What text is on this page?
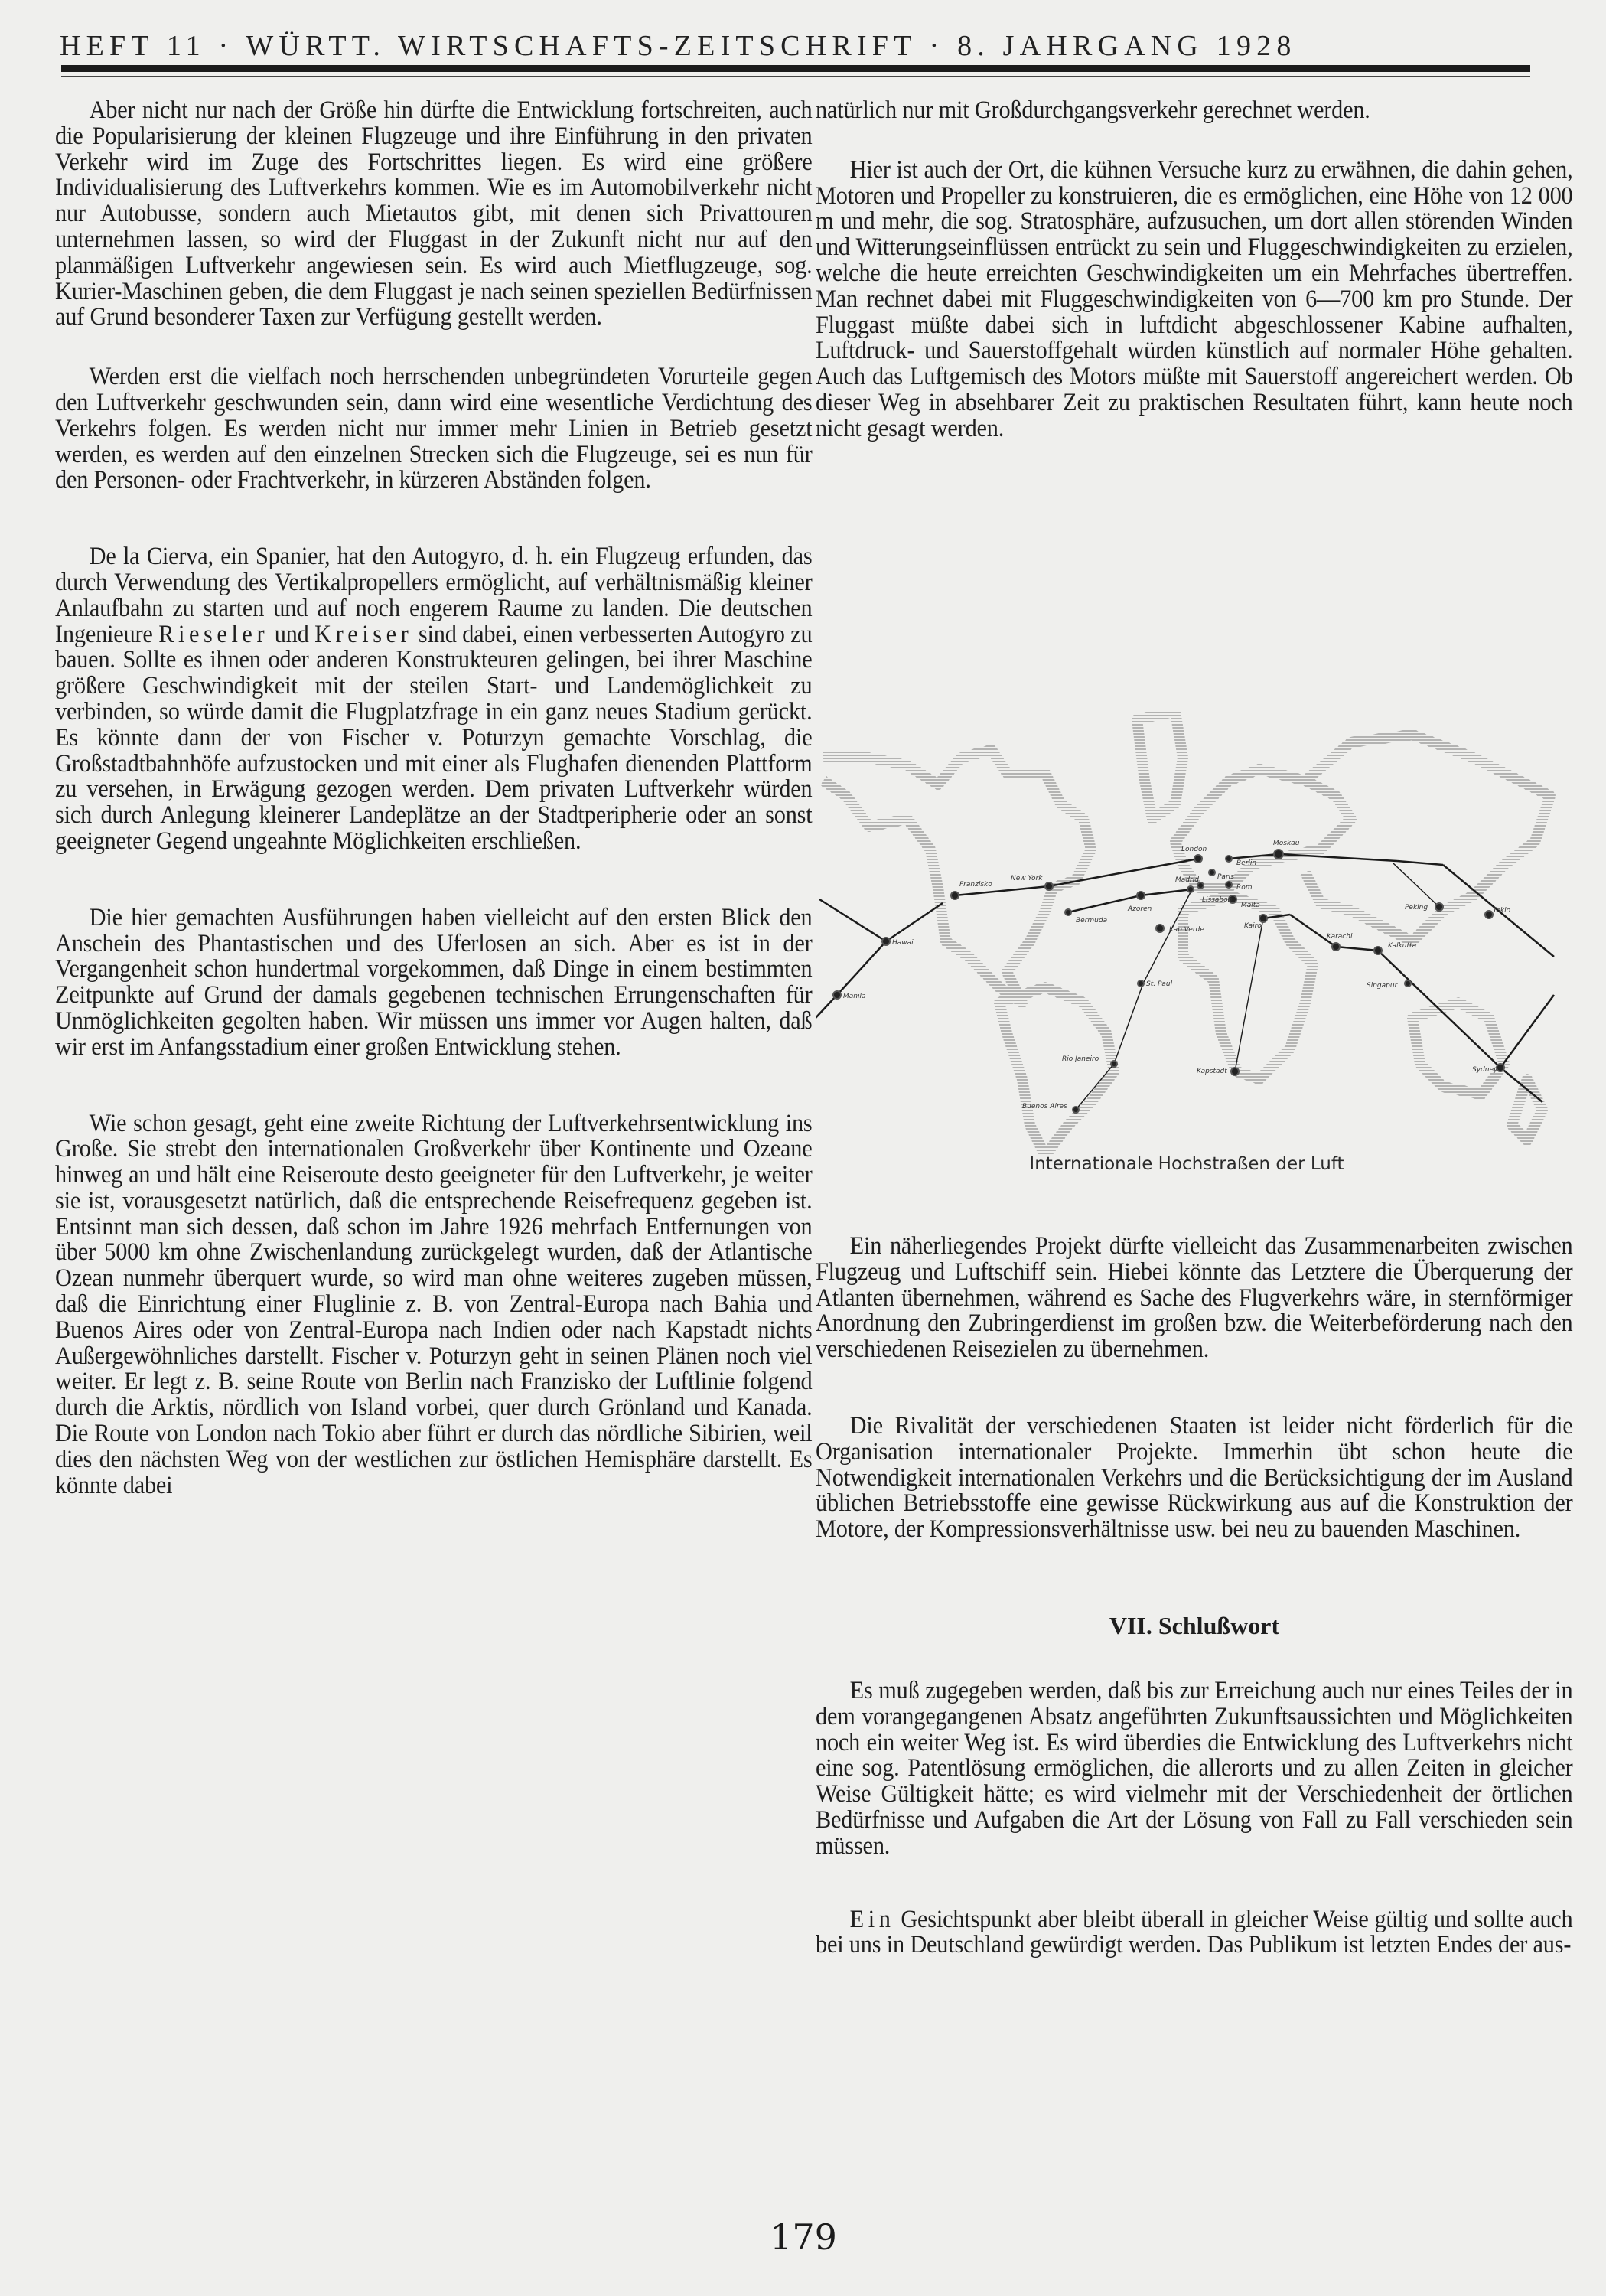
HEFT 11 · WÜRTT. WIRTSCHAFTS-ZEITSCHRIFT · 8. JAHRGANG 1928

Aber nicht nur nach der Größe hin dürfte die Entwicklung fortschreiten, auch die Popularisierung der kleinen Flugzeuge und ihre Einführung in den privaten Verkehr wird im Zuge des Fortschrittes liegen. Es wird eine größere Individualisierung des Luftverkehrs kommen. Wie es im Automobilverkehr nicht nur Autobusse, sondern auch Mietautos gibt, mit denen sich Privattouren unternehmen lassen, so wird der Fluggast in der Zukunft nicht nur auf den planmäßigen Luftverkehr angewiesen sein. Es wird auch Mietflugzeuge, sog. Kurier-Maschinen geben, die dem Fluggast je nach seinen speziellen Bedürfnissen auf Grund besonderer Taxen zur Verfügung gestellt werden.

Werden erst die vielfach noch herrschenden unbegründeten Vorurteile gegen den Luftverkehr geschwunden sein, dann wird eine wesentliche Verdichtung des Verkehrs folgen. Es werden nicht nur immer mehr Linien in Betrieb gesetzt werden, es werden auf den einzelnen Strecken sich die Flugzeuge, sei es nun für den Personen- oder Frachtverkehr, in kürzeren Abständen folgen.

De la Cierva, ein Spanier, hat den Autogyro, d. h. ein Flugzeug erfunden, das durch Verwendung des Vertikalpropellers ermöglicht, auf verhältnismäßig kleiner Anlaufbahn zu starten und auf noch engerem Raume zu landen. Die deutschen Ingenieure Rieseler und Kreiser sind dabei, einen verbesserten Autogyro zu bauen. Sollte es ihnen oder anderen Konstrukteuren gelingen, bei ihrer Maschine größere Geschwindigkeit mit der steilen Start- und Landemöglichkeit zu verbinden, so würde damit die Flugplatzfrage in ein ganz neues Stadium gerückt. Es könnte dann der von Fischer v. Poturzyn gemachte Vorschlag, die Großstadtbahnhöfe aufzustocken und mit einer als Flughafen dienenden Plattform zu versehen, in Erwägung gezogen werden. Dem privaten Luftverkehr würden sich durch Anlegung kleinerer Landeplätze an der Stadtperipherie oder an sonst geeigneter Gegend ungeahnte Möglichkeiten erschließen.

Die hier gemachten Ausführungen haben vielleicht auf den ersten Blick den Anschein des Phantastischen und des Uferlosen an sich. Aber es ist in der Vergangenheit schon hundertmal vorgekommen, daß Dinge in einem bestimmten Zeitpunkte auf Grund der damals gegebenen technischen Errungenschaften für Unmöglichkeiten gegolten haben. Wir müssen uns immer vor Augen halten, daß wir erst im Anfangsstadium einer großen Entwicklung stehen.

Wie schon gesagt, geht eine zweite Richtung der Luftverkehrsentwicklung ins Große. Sie strebt den internationalen Großverkehr über Kontinente und Ozeane hinweg an und hält eine Reiseroute desto geeigneter für den Luftverkehr, je weiter sie ist, vorausgesetzt natürlich, daß die entsprechende Reisefrequenz gegeben ist. Entsinnt man sich dessen, daß schon im Jahre 1926 mehrfach Entfernungen von über 5000 km ohne Zwischenlandung zurückgelegt wurden, daß der Atlantische Ozean nunmehr überquert wurde, so wird man ohne weiteres zugeben müssen, daß die Einrichtung einer Fluglinie z. B. von Zentral-Europa nach Bahia und Buenos Aires oder von Zentral-Europa nach Indien oder nach Kapstadt nichts Außergewöhnliches darstellt. Fischer v. Poturzyn geht in seinen Plänen noch viel weiter. Er legt z. B. seine Route von Berlin nach Franzisko der Luftlinie folgend durch die Arktis, nördlich von Island vorbei, quer durch Grönland und Kanada. Die Route von London nach Tokio aber führt er durch das nördliche Sibirien, weil dies den nächsten Weg von der westlichen zur östlichen Hemisphäre darstellt. Es könnte dabei

natürlich nur mit Großdurchgangsverkehr gerechnet werden.

Hier ist auch der Ort, die kühnen Versuche kurz zu erwähnen, die dahin gehen, Motoren und Propeller zu konstruieren, die es ermöglichen, eine Höhe von 12 000 m und mehr, die sog. Stratosphäre, aufzusuchen, um dort allen störenden Winden und Witterungseinflüssen entrückt zu sein und Fluggeschwindigkeiten zu erzielen, welche die heute erreichten Geschwindigkeiten um ein Mehrfaches übertreffen. Man rechnet dabei mit Fluggeschwindigkeiten von 6—700 km pro Stunde. Der Fluggast müßte dabei sich in luftdicht abgeschlossener Kabine aufhalten, Luftdruck- und Sauerstoffgehalt würden künstlich auf normaler Höhe gehalten. Auch das Luftgemisch des Motors müßte mit Sauerstoff angereichert werden. Ob dieser Weg in absehbarer Zeit zu praktischen Resultaten führt, kann heute noch nicht gesagt werden.

Franzisko
New York
Bermuda
Azoren
Hawai
Manila
London
Paris
Berlin
Moskau
Madrid
Lissabon
Rom
Malta
Kairo
Kapstadt
Kap Verde
St. Paul
Rio Janeiro
Buenos Aires
Karachi
Kalkutta
Singapur
Peking	Tokio
Sydney
Internationale Hochstraßen der Luft

Ein näherliegendes Projekt dürfte vielleicht das Zusammenarbeiten zwischen Flugzeug und Luftschiff sein. Hiebei könnte das Letztere die Überquerung der Atlanten übernehmen, während es Sache des Flugverkehrs wäre, in sternförmiger Anordnung den Zubringerdienst im großen bzw. die Weiterbeförderung nach den verschiedenen Reisezielen zu übernehmen.

Die Rivalität der verschiedenen Staaten ist leider nicht förderlich für die Organisation internationaler Projekte. Immerhin übt schon heute die Notwendigkeit internationalen Verkehrs und die Berücksichtigung der im Ausland üblichen Betriebsstoffe eine gewisse Rückwirkung aus auf die Konstruktion der Motore, der Kompressionsverhältnisse usw. bei neu zu bauenden Maschinen.

VII. Schlußwort

Es muß zugegeben werden, daß bis zur Erreichung auch nur eines Teiles der in dem vorangegangenen Absatz angeführten Zukunftsaussichten und Möglichkeiten noch ein weiter Weg ist. Es wird überdies die Entwicklung des Luftverkehrs nicht eine sog. Patentlösung ermöglichen, die allerorts und zu allen Zeiten in gleicher Weise Gültigkeit hätte; es wird vielmehr mit der Verschiedenheit der örtlichen Bedürfnisse und Aufgaben die Art der Lösung von Fall zu Fall verschieden sein müssen.

Ein Gesichtspunkt aber bleibt überall in gleicher Weise gültig und sollte auch bei uns in Deutschland gewürdigt werden. Das Publikum ist letzten Endes der aus-

179
